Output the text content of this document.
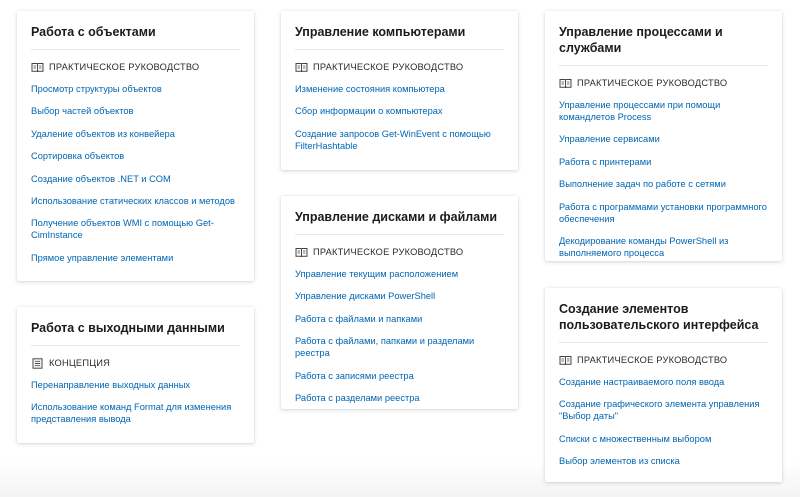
Работа с объектами
ПРАКТИЧЕСКОЕ РУКОВОДСТВО
Просмотр структуры объектов
Выбор частей объектов
Удаление объектов из конвейера
Сортировка объектов
Создание объектов .NET и COM
Использование статических классов и методов
Получение объектов WMI с помощью Get-CimInstance
Прямое управление элементами
Работа с выходными данными
КОНЦЕПЦИЯ
Перенаправление выходных данных
Использование команд Format для изменения представления вывода
Управление компьютерами
ПРАКТИЧЕСКОЕ РУКОВОДСТВО
Изменение состояния компьютера
Сбор информации о компьютерах
Создание запросов Get-WinEvent с помощью FilterHashtable
Управление дисками и файлами
ПРАКТИЧЕСКОЕ РУКОВОДСТВО
Управление текущим расположением
Управление дисками PowerShell
Работа с файлами и папками
Работа с файлами, папками и разделами реестра
Работа с записями реестра
Работа с разделами реестра
Управление процессами и службами
ПРАКТИЧЕСКОЕ РУКОВОДСТВО
Управление процессами при помощи командлетов Process
Управление сервисами
Работа с принтерами
Выполнение задач по работе с сетями
Работа с программами установки программного обеспечения
Декодирование команды PowerShell из выполняемого процесса
Создание элементов пользовательского интерфейса
ПРАКТИЧЕСКОЕ РУКОВОДСТВО
Создание настраиваемого поля ввода
Создание графического элемента управления "Выбор даты"
Списки с множественным выбором
Выбор элементов из списка
